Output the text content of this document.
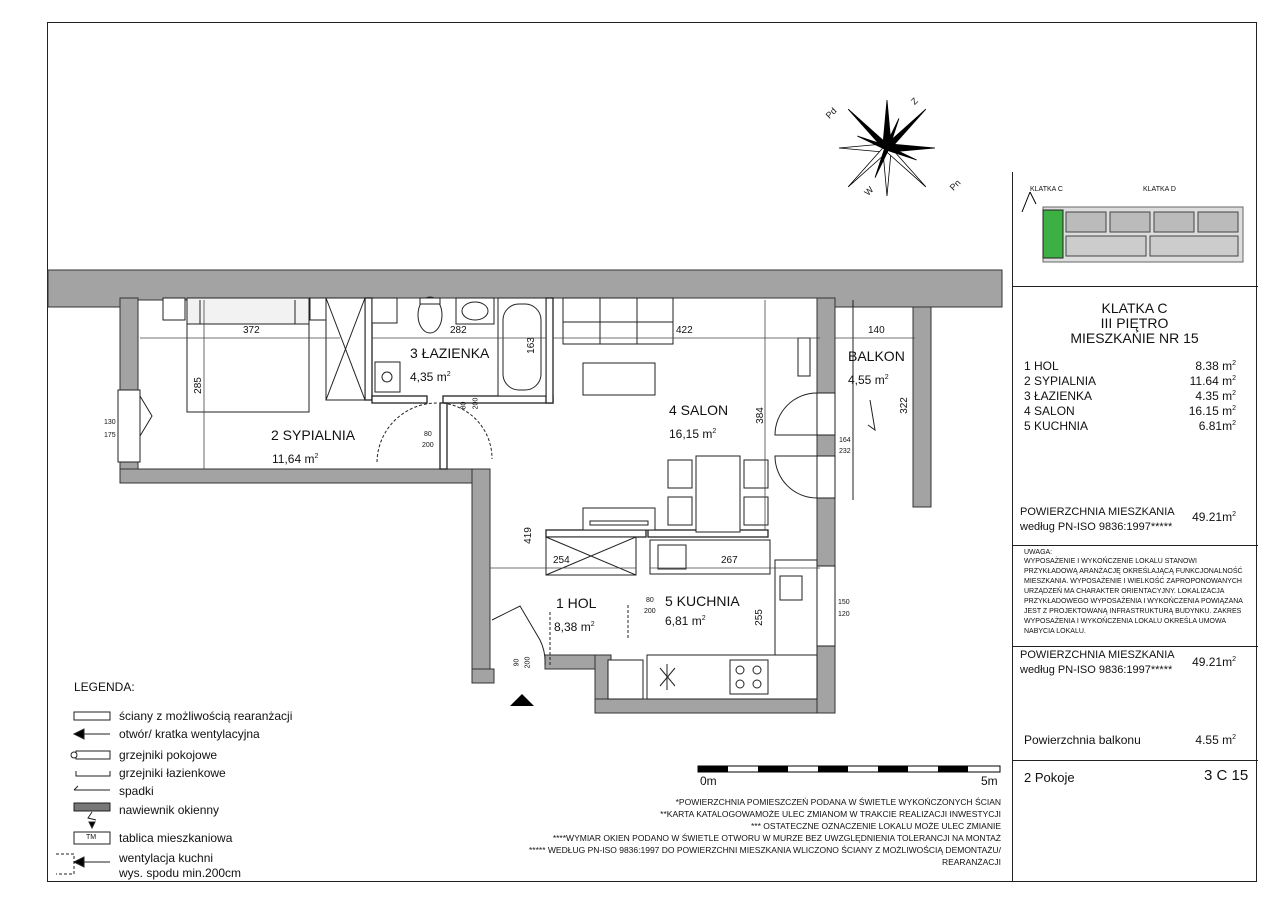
Pd
Z
W	Pn
3 ŁAZIENKA
4,35 $m^2$
2 SYPIALNIA
11,64 $m^2$
4 SALON
16,15 $m^2$
BALKON
4,55 $m^2$
1 HOL
8,38 $m^2$
5 KUCHNIA
6,81 $m^2$
372	282	422	140
285
163
384
322
419
254	267
255
130
175
164
232
150
120
80
200
80 200
80
200
90 200
0m	5m
LEGENDA:
ściany z możliwością rearanżacji
otwór/ kratka wentylacyjna
grzejniki pokojowe
grzejniki łazienkowe
spadki
nawiewnik okienny
TM tablica mieszkaniowa
wentylacja kuchni
wys. spodu min.200cm
*POWIERZCHNIA POMIESZCZEŃ PODANA W ŚWIETLE WYKOŃCZONYCH ŚCIAN
**KARTA KATALOGOWAMOŻE ULEC ZMIANOM W TRAKCIE REALIZACJI INWESTYCJI
*** OSTATECZNE OZNACZENIE LOKALU MOŻE ULEC ZMIANIE
****WYMIAR OKIEN PODANO W ŚWIETLE OTWORU W MURZE BEZ UWZGLĘDNIENIA TOLERANCJI NA MONTAŻ
***** WEDŁUG PN-ISO 9836:1997 DO POWIERZCHNI MIESZKANIA WLICZONO ŚCIANY Z MOŻLIWOŚCIĄ DEMONTAŻU/
REARANŻACJI
KLATKA C	KLATKA D
KLATKA C
III PIĘTRO
MIESZKAŃIE NR 15
1 HOL	8.38 $m^2$
2 SYPIALNIA	11.64 $m^2$
3 ŁAZIENKA	4.35 $m^2$
4 SALON	16.15 $m^2$
5 KUCHNIA	$6.81m^2$
POWIERZCHNIA MIESZKANIA
według PN-ISO 9836:1997*****
$49.21m^2$
UWAGA:
WYPOSAŻENIE I WYKOŃCZENIE LOKALU STANOWI
PRZYKŁADOWĄ ARANŻACJĘ OKREŚLAJĄCĄ FUNKCJONALNOŚĆ
MIESZKANIA. WYPOSAŻENIE I WIELKOŚĆ ZAPROPONOWANYCH
URZĄDZEŃ MA CHARAKTER ORIENTACYJNY. LOKALIZACJA
PRZYKŁADOWEGO WYPOSAŻENIA I WYKOŃCZENIA POWIĄZANA
JEST Z PROJEKTOWANĄ INFRASTRUKTURĄ BUDYNKU. ZAKRES
WYPOSAŻENIA I WYKOŃCZENIA LOKALU OKREŚLA UMOWA
NABYCIA LOKALU.
POWIERZCHNIA MIESZKANIA
według PN-ISO 9836:1997*****
$49.21m^2$
Powierzchnia balkonu	4.55 $m^2$
2 Pokoje	3 C 15
